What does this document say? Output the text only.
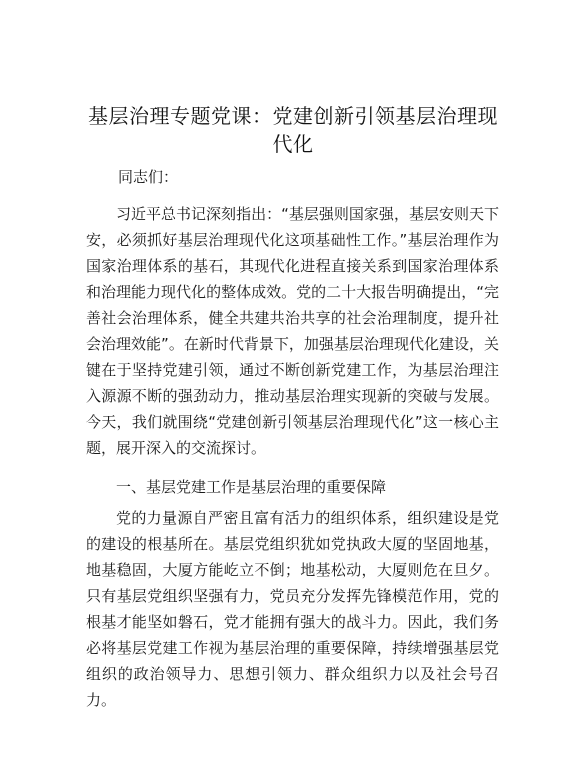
基层治理专题党课：党建创新引领基层治理现代化
同志们：

习近平总书记深刻指出：“基层强则国家强，基层安则天下安，必须抓好基层治理现代化这项基础性工作。”基层治理作为国家治理体系的基石，其现代化进程直接关系到国家治理体系和治理能力现代化的整体成效。党的二十大报告明确提出，“完善社会治理体系，健全共建共治共享的社会治理制度，提升社会治理效能”。在新时代背景下，加强基层治理现代化建设，关键在于坚持党建引领，通过不断创新党建工作，为基层治理注入源源不断的强劲动力，推动基层治理实现新的突破与发展。今天，我们就围绕“党建创新引领基层治理现代化”这一核心主题，展开深入的交流探讨。

一、基层党建工作是基层治理的重要保障

党的力量源自严密且富有活力的组织体系，组织建设是党的建设的根基所在。基层党组织犹如党执政大厦的坚固地基，地基稳固，大厦方能屹立不倒；地基松动，大厦则危在旦夕。只有基层党组织坚强有力，党员充分发挥先锋模范作用，党的根基才能坚如磐石，党才能拥有强大的战斗力。因此，我们务必将基层党建工作视为基层治理的重要保障，持续增强基层党组织的政治领导力、思想引领力、群众组织力以及社会号召力。
